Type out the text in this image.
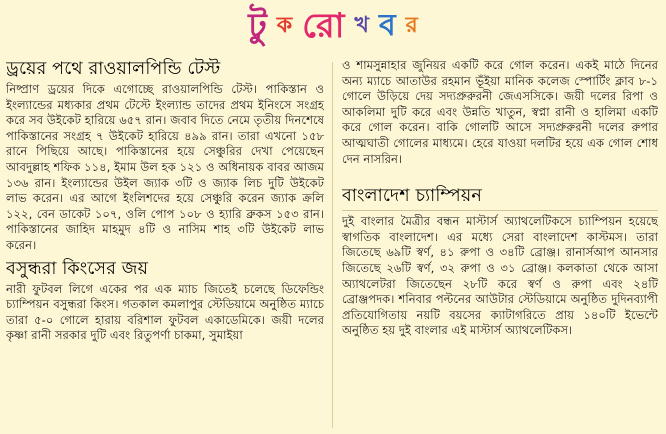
টু ক রো খ ব র
ড্রয়ের পথে রাওয়ালপিন্ডি টেস্ট

নিষ্প্রাণ ড্রয়ের দিকে এগোচ্ছে রাওয়ালপিন্ডি টেস্ট। পাকিস্তান ও ইংল্যান্ডের মধ্যকার প্রথম টেস্টে ইংল্যান্ড তাদের প্রথম ইনিংসে সংগ্রহ করে সব উইকেট হারিয়ে ৬৫৭ রান। জবাব দিতে নেমে তৃতীয় দিনশেষে পাকিস্তানের সংগ্রহ ৭ উইকেট হারিয়ে ৪৯৯ রান। তারা এখনো ১৫৮ রানে পিছিয়ে আছে। পাকিস্তানের হয়ে সেঞ্চুরির দেখা পেয়েছেন আবদুল্লাহ শফিক ১১৪, ইমাম উল হক ১২১ ও অধিনায়ক বাবর আজম ১৩৬ রান। ইংল্যান্ডের উইল জ্যাক ৩টি ও জ্যাক লিচ দুটি উইকেট লাভ করেন। এর আগে ইংলিশদের হয়ে সেঞ্চুরি করেন জ্যাক ক্রলি ১২২, বেন ডাকেট ১০৭, ওলি পোপ ১০৮ ও হ্যারি ব্রুকস ১৫৩ রান। পাকিস্তানের জাহিদ মাহমুদ ৪টি ও নাসিম শাহ ৩টি উইকেট লাভ করেন।

বসুন্ধরা কিংসের জয়

নারী ফুটবল লিগে একের পর এক ম্যাচ জিতেই চলেছে ডিফেন্ডিং চ্যাম্পিয়ন বসুন্ধরা কিংস। গতকাল কমলাপুর স্টেডিয়ামে অনুষ্ঠিত ম্যাচে তারা ৫-০ গোলে হারায় বরিশাল ফুটবল একাডেমিকে। জয়ী দলের কৃষ্ণা রানী সরকার দুটি এবং রিতুপর্ণা চাকমা, সুমাইয়া

ও শামসুন্নাহার জুনিয়র একটি করে গোল করেন। একই মাঠে দিনের অন্য ম্যাচে আতাউর রহমান ভূঁইয়া মানিক কলেজ স্পোর্টিং ক্লাব ৮-১ গোলে উড়িয়ে দেয় সদ্যপ্রুরুরনী জেএসসিকে। জয়ী দলের রিপা ও আকলিমা দুটি করে এবং উন্নতি খাতুন, স্বপ্না রানী ও হালিমা একটি করে গোল করেন। বাকি গোলটি আসে সদ্যপ্রুরুরনী দলের রুপার আত্মঘাতী গোলের মাধ্যমে। হেরে যাওয়া দলটির হয়ে এক গোল শোধ দেন নাসরিন।

বাংলাদেশ চ্যাম্পিয়ন

দুই বাংলার মৈত্রীর বন্ধন মাস্টার্স অ্যাথলেটিকসে চ্যাম্পিয়ন হয়েছে স্বাগতিক বাংলাদেশ। এর মধ্যে সেরা বাংলাদেশ কাস্টমস। তারা জিতেছে ৬৯টি স্বর্ণ, ৪১ রুপা ও ৩৪টি ব্রোঞ্জ। রানার্সআপ আনসার জিতেছে ২৬টি স্বর্ণ, ৩২ রুপা ও ৩১ ব্রোঞ্জ। কলকাতা থেকে আসা অ্যাথলেটরা জিতেছেন ২৮টি করে স্বর্ণ ও রুপা এবং ২৪টি ব্রোঞ্জপদক। শনিবার পল্টনের আউটার স্টেডিয়ামে অনুষ্ঠিত দুদিনব্যাপী প্রতিযোগিতায় নয়টি বয়সের ক্যাটাগরিতে প্রায় ১৪০টি ইভেন্টে অনুষ্ঠিত হয় দুই বাংলার এই মাস্টার্স অ্যাথলেটিকস।
